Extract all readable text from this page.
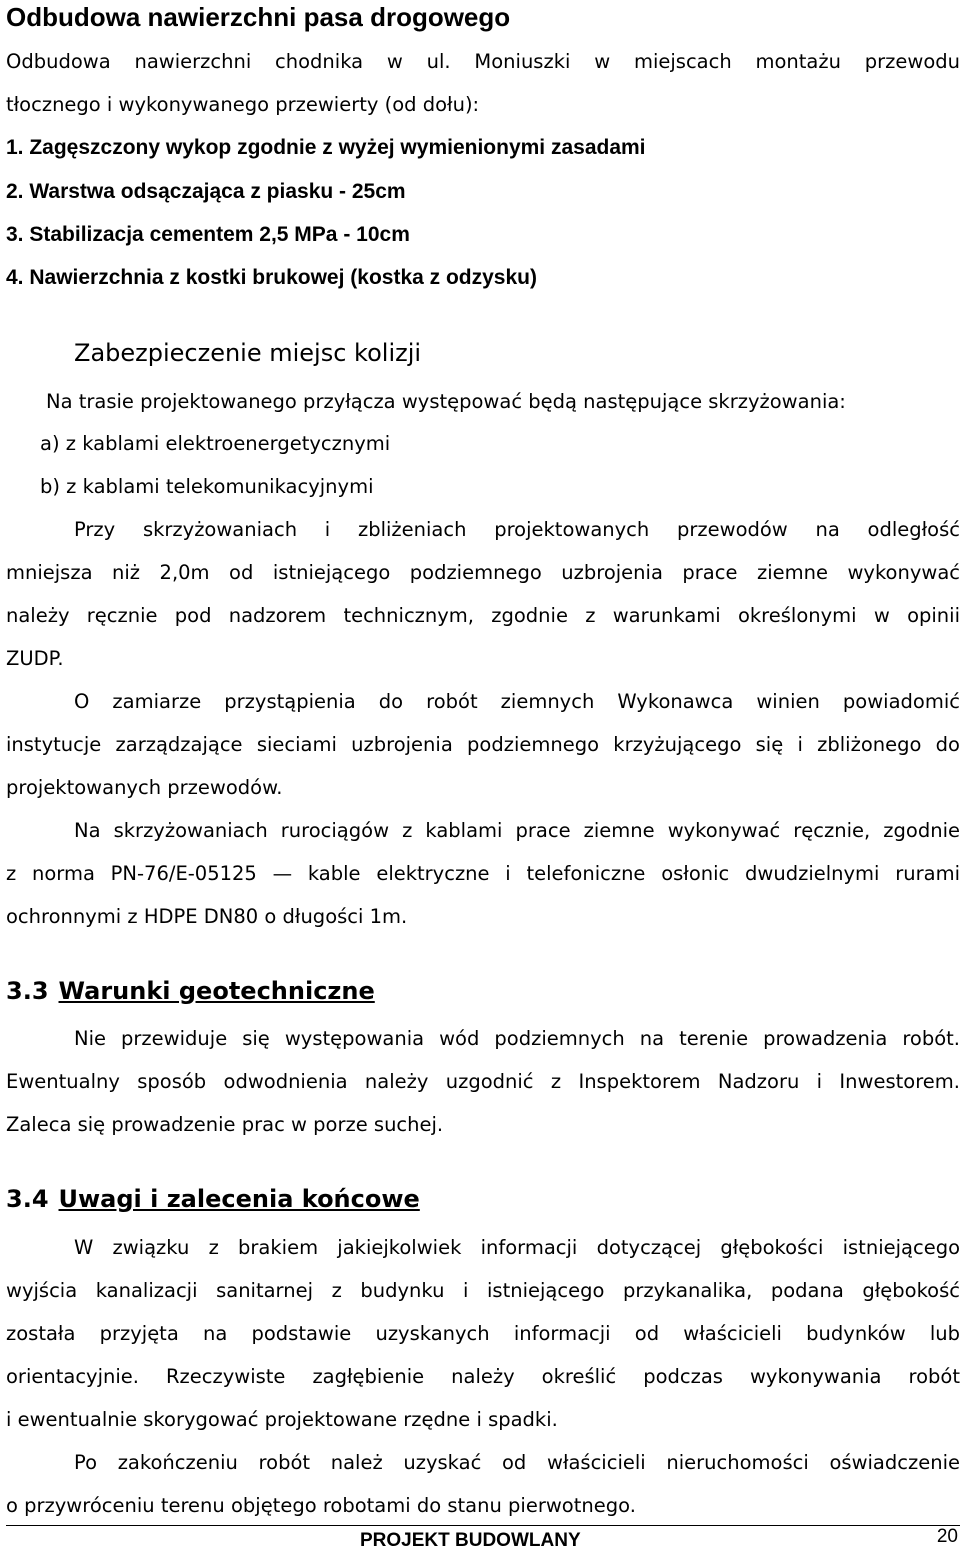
Odbudowa nawierzchni pasa drogowego
Odbudowa nawierzchni chodnika w ul. Moniuszki w miejscach montażu przewodu
tłocznego i wykonywanego przewierty (od dołu):
1. Zagęszczony wykop zgodnie z wyżej wymienionymi zasadami
2. Warstwa odsączająca z piasku - 25cm
3. Stabilizacja cementem 2,5 MPa - 10cm
4. Nawierzchnia z kostki brukowej (kostka z odzysku)
Zabezpieczenie miejsc kolizji
Na trasie projektowanego przyłącza występować będą następujące skrzyżowania:
a) z kablami elektroenergetycznymi
b) z kablami telekomunikacyjnymi
Przy skrzyżowaniach i zbliżeniach projektowanych przewodów na odległość
mniejsza niż 2,0m od istniejącego podziemnego uzbrojenia prace ziemne wykonywać
należy ręcznie pod nadzorem technicznym, zgodnie z warunkami określonymi w opinii
ZUDP.
O zamiarze przystąpienia do robót ziemnych Wykonawca winien powiadomić
instytucje zarządzające sieciami uzbrojenia podziemnego krzyżującego się i zbliżonego do
projektowanych przewodów.
Na skrzyżowaniach rurociągów z kablami prace ziemne wykonywać ręcznie, zgodnie
z norma PN-76/E-05125 — kable elektryczne i telefoniczne osłonic dwudzielnymi rurami
ochronnymi z HDPE DN80 o długości 1m.
3.3 Warunki geotechniczne
Nie przewiduje się występowania wód podziemnych na terenie prowadzenia robót.
Ewentualny sposób odwodnienia należy uzgodnić z Inspektorem Nadzoru i Inwestorem.
Zaleca się prowadzenie prac w porze suchej.
3.4 Uwagi i zalecenia końcowe
W związku z brakiem jakiejkolwiek informacji dotyczącej głębokości istniejącego
wyjścia kanalizacji sanitarnej z budynku i istniejącego przykanalika, podana głębokość
została przyjęta na podstawie uzyskanych informacji od właścicieli budynków lub
orientacyjnie. Rzeczywiste zagłębienie należy określić podczas wykonywania robót
i ewentualnie skorygować projektowane rzędne i spadki.
Po zakończeniu robót należ uzyskać od właścicieli nieruchomości oświadczenie
o przywróceniu terenu objętego robotami do stanu pierwotnego.
PROJEKT BUDOWLANY	20
